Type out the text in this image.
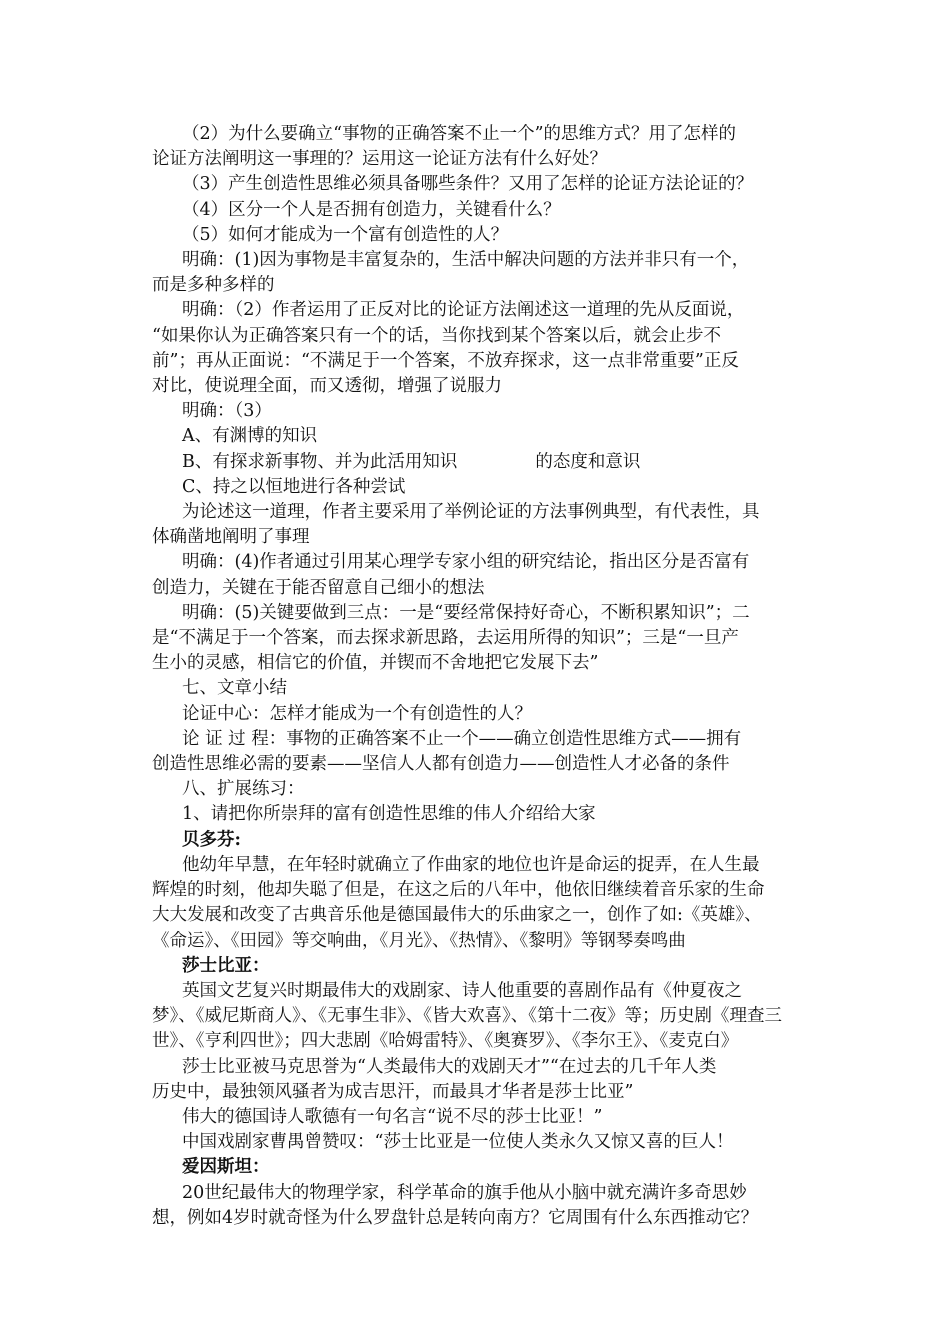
（2）为什么要确立“事物的正确答案不止一个”的思维方式？用了怎样的

论证方法阐明这一事理的？运用这一论证方法有什么好处？

（3）产生创造性思维必须具备哪些条件？又用了怎样的论证方法论证的？

（4）区分一个人是否拥有创造力，关键看什么？

（5）如何才能成为一个富有创造性的人？

明确：(1)因为事物是丰富复杂的，生活中解决问题的方法并非只有一个，

而是多种多样的

明确：（2）作者运用了正反对比的论证方法阐述这一道理的先从反面说，

“如果你认为正确答案只有一个的话，当你找到某个答案以后，就会止步不

前”；再从正面说：“不满足于一个答案，不放弃探求，这一点非常重要”正反

对比，使说理全面，而又透彻，增强了说服力

明确：（3）

A、有渊博的知识

B、有探求新事物、并为此活用知识	的态度和意识

C、持之以恒地进行各种尝试

为论述这一道理，作者主要采用了举例论证的方法事例典型，有代表性，具

体确凿地阐明了事理

明确：(4)作者通过引用某心理学专家小组的研究结论，指出区分是否富有

创造力，关键在于能否留意自己细小的想法

明确：(5)关键要做到三点：一是“要经常保持好奇心，不断积累知识”；二

是“不满足于一个答案，而去探求新思路，去运用所得的知识”；三是“一旦产

生小的灵感，相信它的价值，并锲而不舍地把它发展下去”

七、文章小结

论证中心：怎样才能成为一个有创造性的人？

论 证 过 程：事物的正确答案不止一个——确立创造性思维方式——拥有

创造性思维必需的要素——坚信人人都有创造力——创造性人才必备的条件

八、扩展练习：

1、请把你所崇拜的富有创造性思维的伟人介绍给大家

贝多芬:

他幼年早慧，在年轻时就确立了作曲家的地位也许是命运的捉弄，在人生最

辉煌的时刻，他却失聪了但是，在这之后的八年中，他依旧继续着音乐家的生命

大大发展和改变了古典音乐他是德国最伟大的乐曲家之一，创作了如:《英雄》、

《命运》、《田园》等交响曲，《月光》、《热情》、《黎明》等钢琴奏鸣曲

莎士比亚：

英国文艺复兴时期最伟大的戏剧家、诗人他重要的喜剧作品有《仲夏夜之

梦》、《威尼斯商人》、《无事生非》、《皆大欢喜》、《第十二夜》等；历史剧《理查三

世》、《亨利四世》；四大悲剧《哈姆雷特》、《奥赛罗》、《李尔王》、《麦克白》

莎士比亚被马克思誉为“人类最伟大的戏剧天才”“在过去的几千年人类

历史中，最独领风骚者为成吉思汗，而最具才华者是莎士比亚”

伟大的德国诗人歌德有一句名言“说不尽的莎士比亚！”

中国戏剧家曹禺曾赞叹：“莎士比亚是一位使人类永久又惊又喜的巨人！

爱因斯坦：

20世纪最伟大的物理学家，科学革命的旗手他从小脑中就充满许多奇思妙

想，例如4岁时就奇怪为什么罗盘针总是转向南方？它周围有什么东西推动它？
